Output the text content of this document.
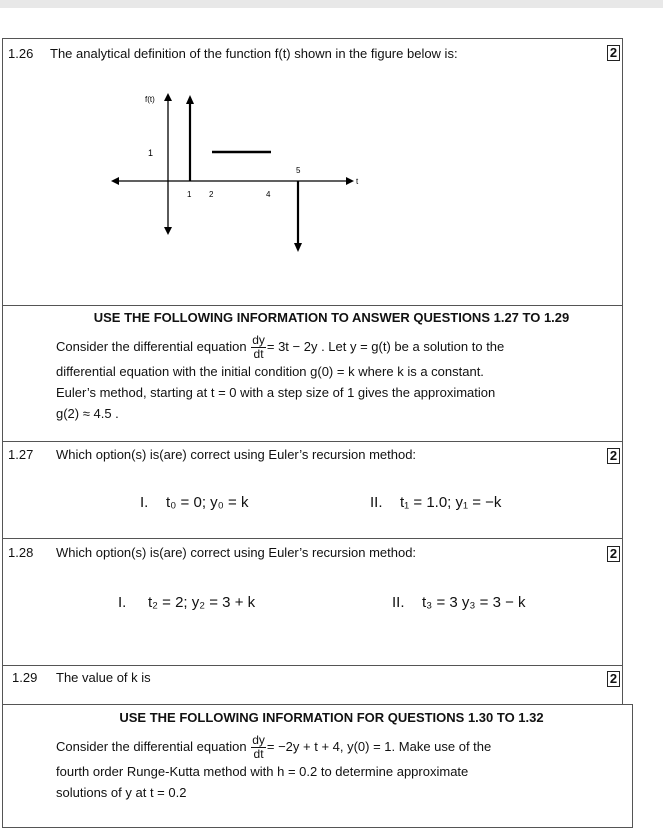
1.26 The analytical definition of the function f(t) shown in the figure below is:	2
f(t)
t
1
1 2	4
5
USE THE FOLLOWING INFORMATION TO ANSWER QUESTIONS 1.27 TO 1.29
Consider the differential equation $\frac{dy}{dt} = 3t - 2y$ . Let y = g(t) be a solution to the
differential equation with the initial condition g(0) = k where k is a constant.
Euler’s method, starting at t = 0 with a step size of 1 gives the approximation
g(2) ≈ 4.5 .
1.27 Which option(s) is(are) correct using Euler’s recursion method:	2
I. t₀ = 0; y₀ = k	II. t₁ = 1.0; y₁ = −k
1.28 Which option(s) is(are) correct using Euler’s recursion method:	2
I. t₂ = 2; y₂ = 3 + k	II. t₃ = 3 y₃ = 3 − k
1.29 The value of k is	2
USE THE FOLLOWING INFORMATION FOR QUESTIONS 1.30 TO 1.32
Consider the differential equation $\frac{dy}{dt} = -2y + t + 4$, y(0) = 1. Make use of the
fourth order Runge-Kutta method with h = 0.2 to determine approximate
solutions of y at t = 0.2
